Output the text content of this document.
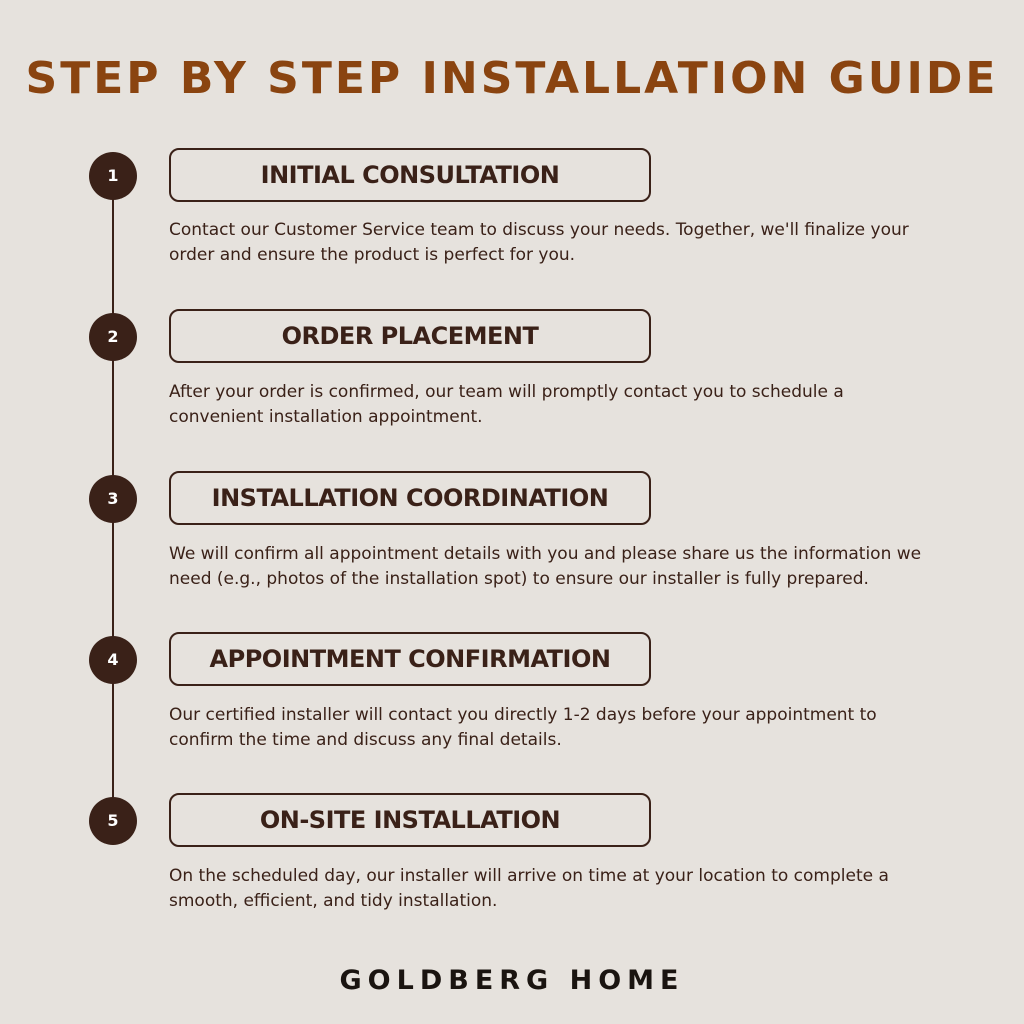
STEP BY STEP INSTALLATION GUIDE
1	INITIAL CONSULTATION

Contact our Customer Service team to discuss your needs. Together, we'll finalize your order and ensure the product is perfect for you.

2	ORDER PLACEMENT

After your order is confirmed, our team will promptly contact you to schedule a convenient installation appointment.

3	INSTALLATION COORDINATION

We will confirm all appointment details with you and please share us the information we need (e.g., photos of the installation spot) to ensure our installer is fully prepared.

4	APPOINTMENT CONFIRMATION

Our certified installer will contact you directly 1-2 days before your appointment to confirm the time and discuss any final details.

5	ON-SITE INSTALLATION

On the scheduled day, our installer will arrive on time at your location to complete a smooth, efficient, and tidy installation.

GOLDBERG HOME
